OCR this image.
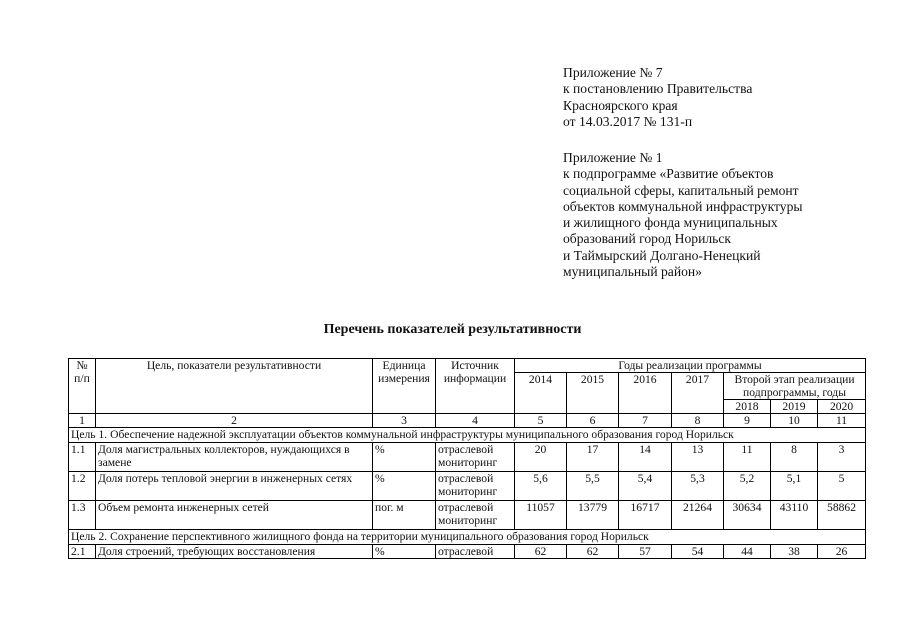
Приложение № 7
к постановлению Правительства
Красноярского края
от 14.03.2017 № 131-п
Приложение № 1
к подпрограмме «Развитие объектов
социальной сферы, капитальный ремонт
объектов коммунальной инфраструктуры
и жилищного фонда муниципальных
образований город Норильск
и Таймырский Долгано-Ненецкий
муниципальный район»
Перечень показателей результативности
№ п/п	Цель, показатели результативности	Единица измерения	Источник информации	Годы реализации программы						
				2014	2015	2016	2017	Второй этап реализации подпрограммы, годы		
								2018	2019	2020
1	2	3	4	5	6	7	8	9	10	11
Цель 1. Обеспечение надежной эксплуатации объектов коммунальной инфраструктуры муниципального образования город Норильск										
1.1	Доля магистральных коллекторов, нуждающихся в замене	%	отраслевой мониторинг	20	17	14	13	11	8	3
1.2	Доля потерь тепловой энергии в инженерных сетях	%	отраслевой мониторинг	5,6	5,5	5,4	5,3	5,2	5,1	5
1.3	Объем ремонта инженерных сетей	пог. м	отраслевой мониторинг	11057	13779	16717	21264	30634	43110	58862
Цель 2. Сохранение перспективного жилищного фонда на территории муниципального образования город Норильск										
2.1	Доля строений, требующих восстановления	%	отраслевой	62	62	57	54	44	38	26
